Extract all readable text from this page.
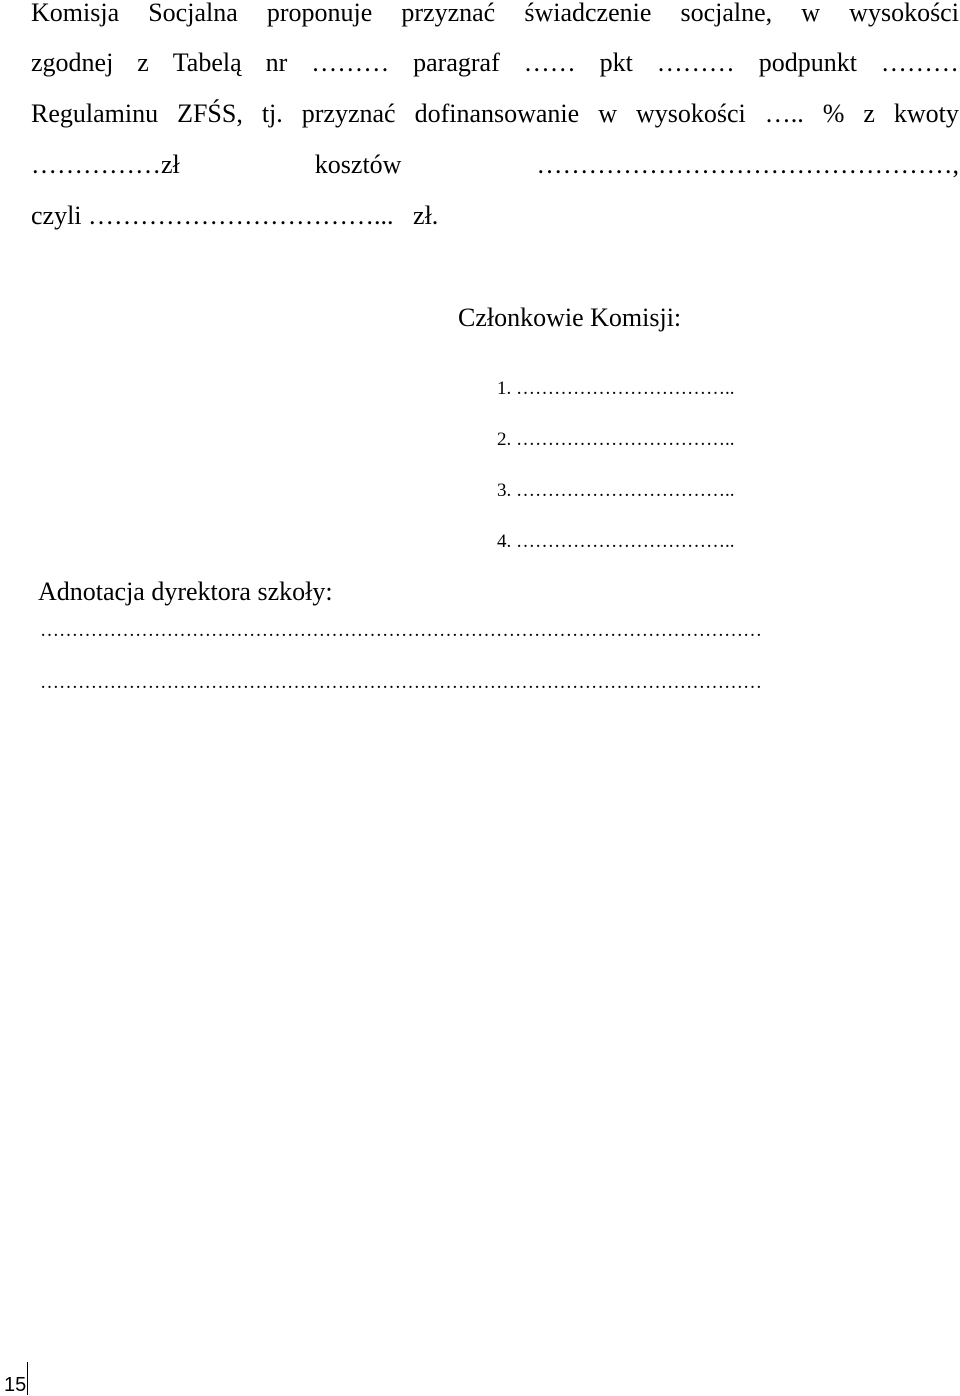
Komisja Socjalna proponuje przyznać świadczenie socjalne, w wysokości
zgodnej z Tabelą nr ……… paragraf …… pkt ……… podpunkt ………
Regulaminu ZFŚS, tj. przyznać dofinansowanie w wysokości ….. % z kwoty
……………zł	kosztów	…………………………………………,
czyli ……………………………...   zł.
Członkowie Komisji:
1. ……………………………..
2. ……………………………..
3. ……………………………..
4. ……………………………..
Adnotacja dyrektora szkoły:
……………………………………………………………………………………………………
……………………………………………………………………………………………………
15
